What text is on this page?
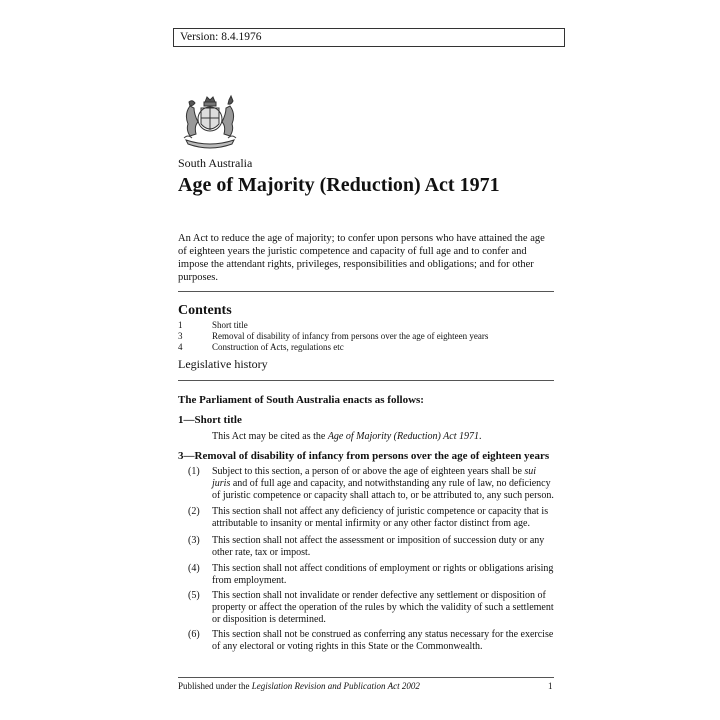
Version: 8.4.1976
South Australia
Age of Majority (Reduction) Act 1971
An Act to reduce the age of majority; to confer upon persons who have attained the age of eighteen years the juristic competence and capacity of full age and to confer and impose the attendant rights, privileges, responsibilities and obligations; and for other purposes.
Contents
1	Short title
3	Removal of disability of infancy from persons over the age of eighteen years
4	Construction of Acts, regulations etc
Legislative history
The Parliament of South Australia enacts as follows:
1—Short title
This Act may be cited as the Age of Majority (Reduction) Act 1971.
3—Removal of disability of infancy from persons over the age of eighteen years
(1) Subject to this section, a person of or above the age of eighteen years shall be sui juris and of full age and capacity, and notwithstanding any rule of law, no deficiency of juristic competence or capacity shall attach to, or be attributed to, any such person.
(2) This section shall not affect any deficiency of juristic competence or capacity that is attributable to insanity or mental infirmity or any other factor distinct from age.
(3) This section shall not affect the assessment or imposition of succession duty or any other rate, tax or impost.
(4) This section shall not affect conditions of employment or rights or obligations arising from employment.
(5) This section shall not invalidate or render defective any settlement or disposition of property or affect the operation of the rules by which the validity of such a settlement or disposition is determined.
(6) This section shall not be construed as conferring any status necessary for the exercise of any electoral or voting rights in this State or the Commonwealth.
Published under the Legislation Revision and Publication Act 2002	1
